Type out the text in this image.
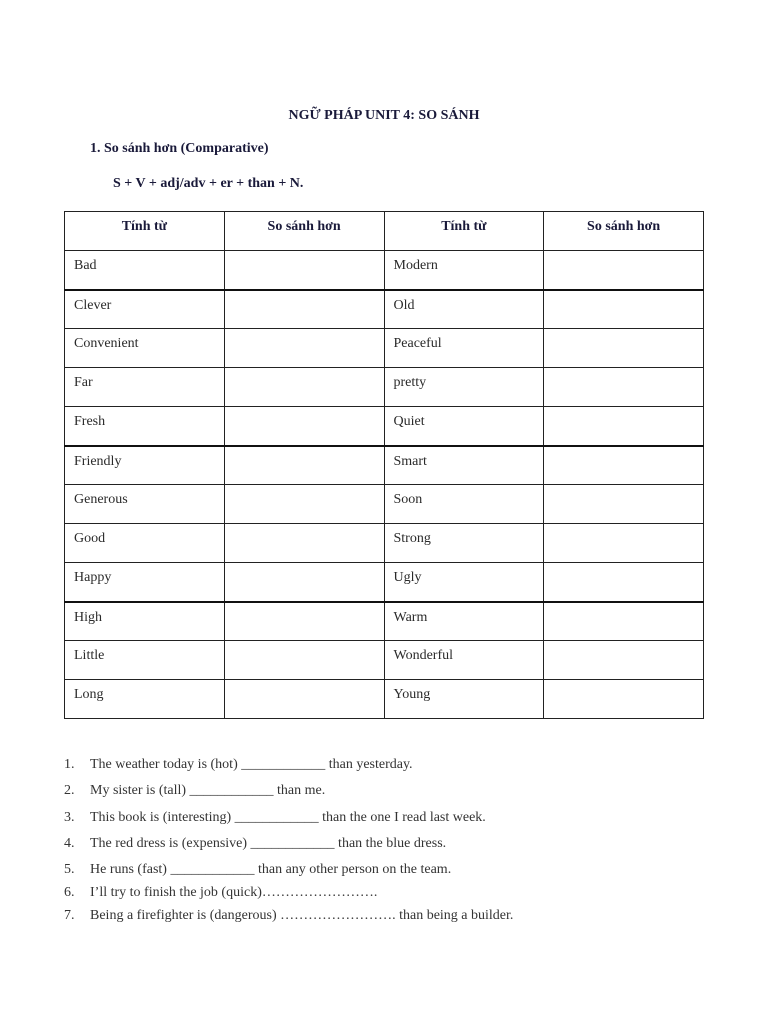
NGỮ PHÁP UNIT 4: SO SÁNH
1. So sánh hơn (Comparative)
S + V + adj/adv + er + than + N.
Tính từ	So sánh hơn	Tính từ	So sánh hơn
Bad		Modern	
Clever		Old	
Convenient		Peaceful	
Far		pretty	
Fresh		Quiet	
Friendly		Smart	
Generous		Soon	
Good		Strong	
Happy		Ugly	
High		Warm	
Little		Wonderful	
Long		Young	
1.	The weather today is (hot) ____________ than yesterday.
2.	My sister is (tall) ____________ than me.
3.	This book is (interesting) ____________ than the one I read last week.
4.	The red dress is (expensive) ____________ than the blue dress.
5.	He runs (fast) ____________ than any other person on the team.
6.	I’ll try to finish the job (quick)…………………….
7.	Being a firefighter is (dangerous) ……………………. than being a builder.
